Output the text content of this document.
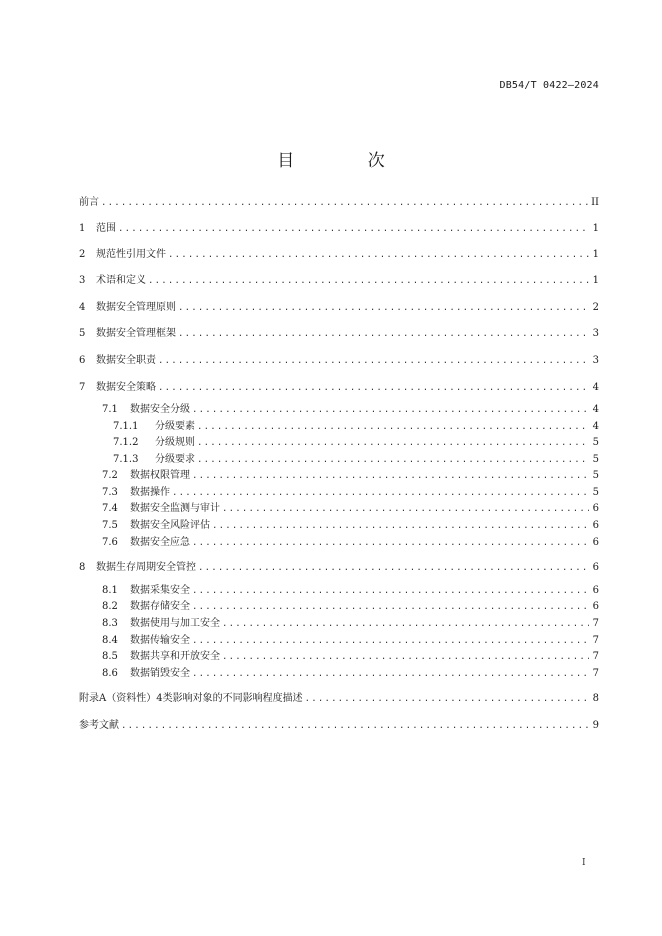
DB54/T 0422—2024
目 次
前言 .....	II
1	范围 .....	1
2	规范性引用文件 .....	1
3	术语和定义 .....	1
4	数据安全管理原则 .....	2
5	数据安全管理框架 .....	3
6	数据安全职责 .....	3
7	数据安全策略 .....	4
7.1	数据安全分级 .....	4
7.1.1	分级要素 .....	4
7.1.2	分级规则 .....	5
7.1.3	分级要求 .....	5
7.2	数据权限管理 .....	5
7.3	数据操作 .....	5
7.4	数据安全监测与审计 .....	6
7.5	数据安全风险评估 .....	6
7.6	数据安全应急 .....	6
8	数据生存周期安全管控 .....	6
8.1	数据采集安全 .....	6
8.2	数据存储安全 .....	6
8.3	数据使用与加工安全 .....	7
8.4	数据传输安全 .....	7
8.5	数据共享和开放安全 .....	7
8.6	数据销毁安全 .....	7
附录A（资料性）4类影响对象的不同影响程度描述 .....	8
参考文献 .....	9
I
